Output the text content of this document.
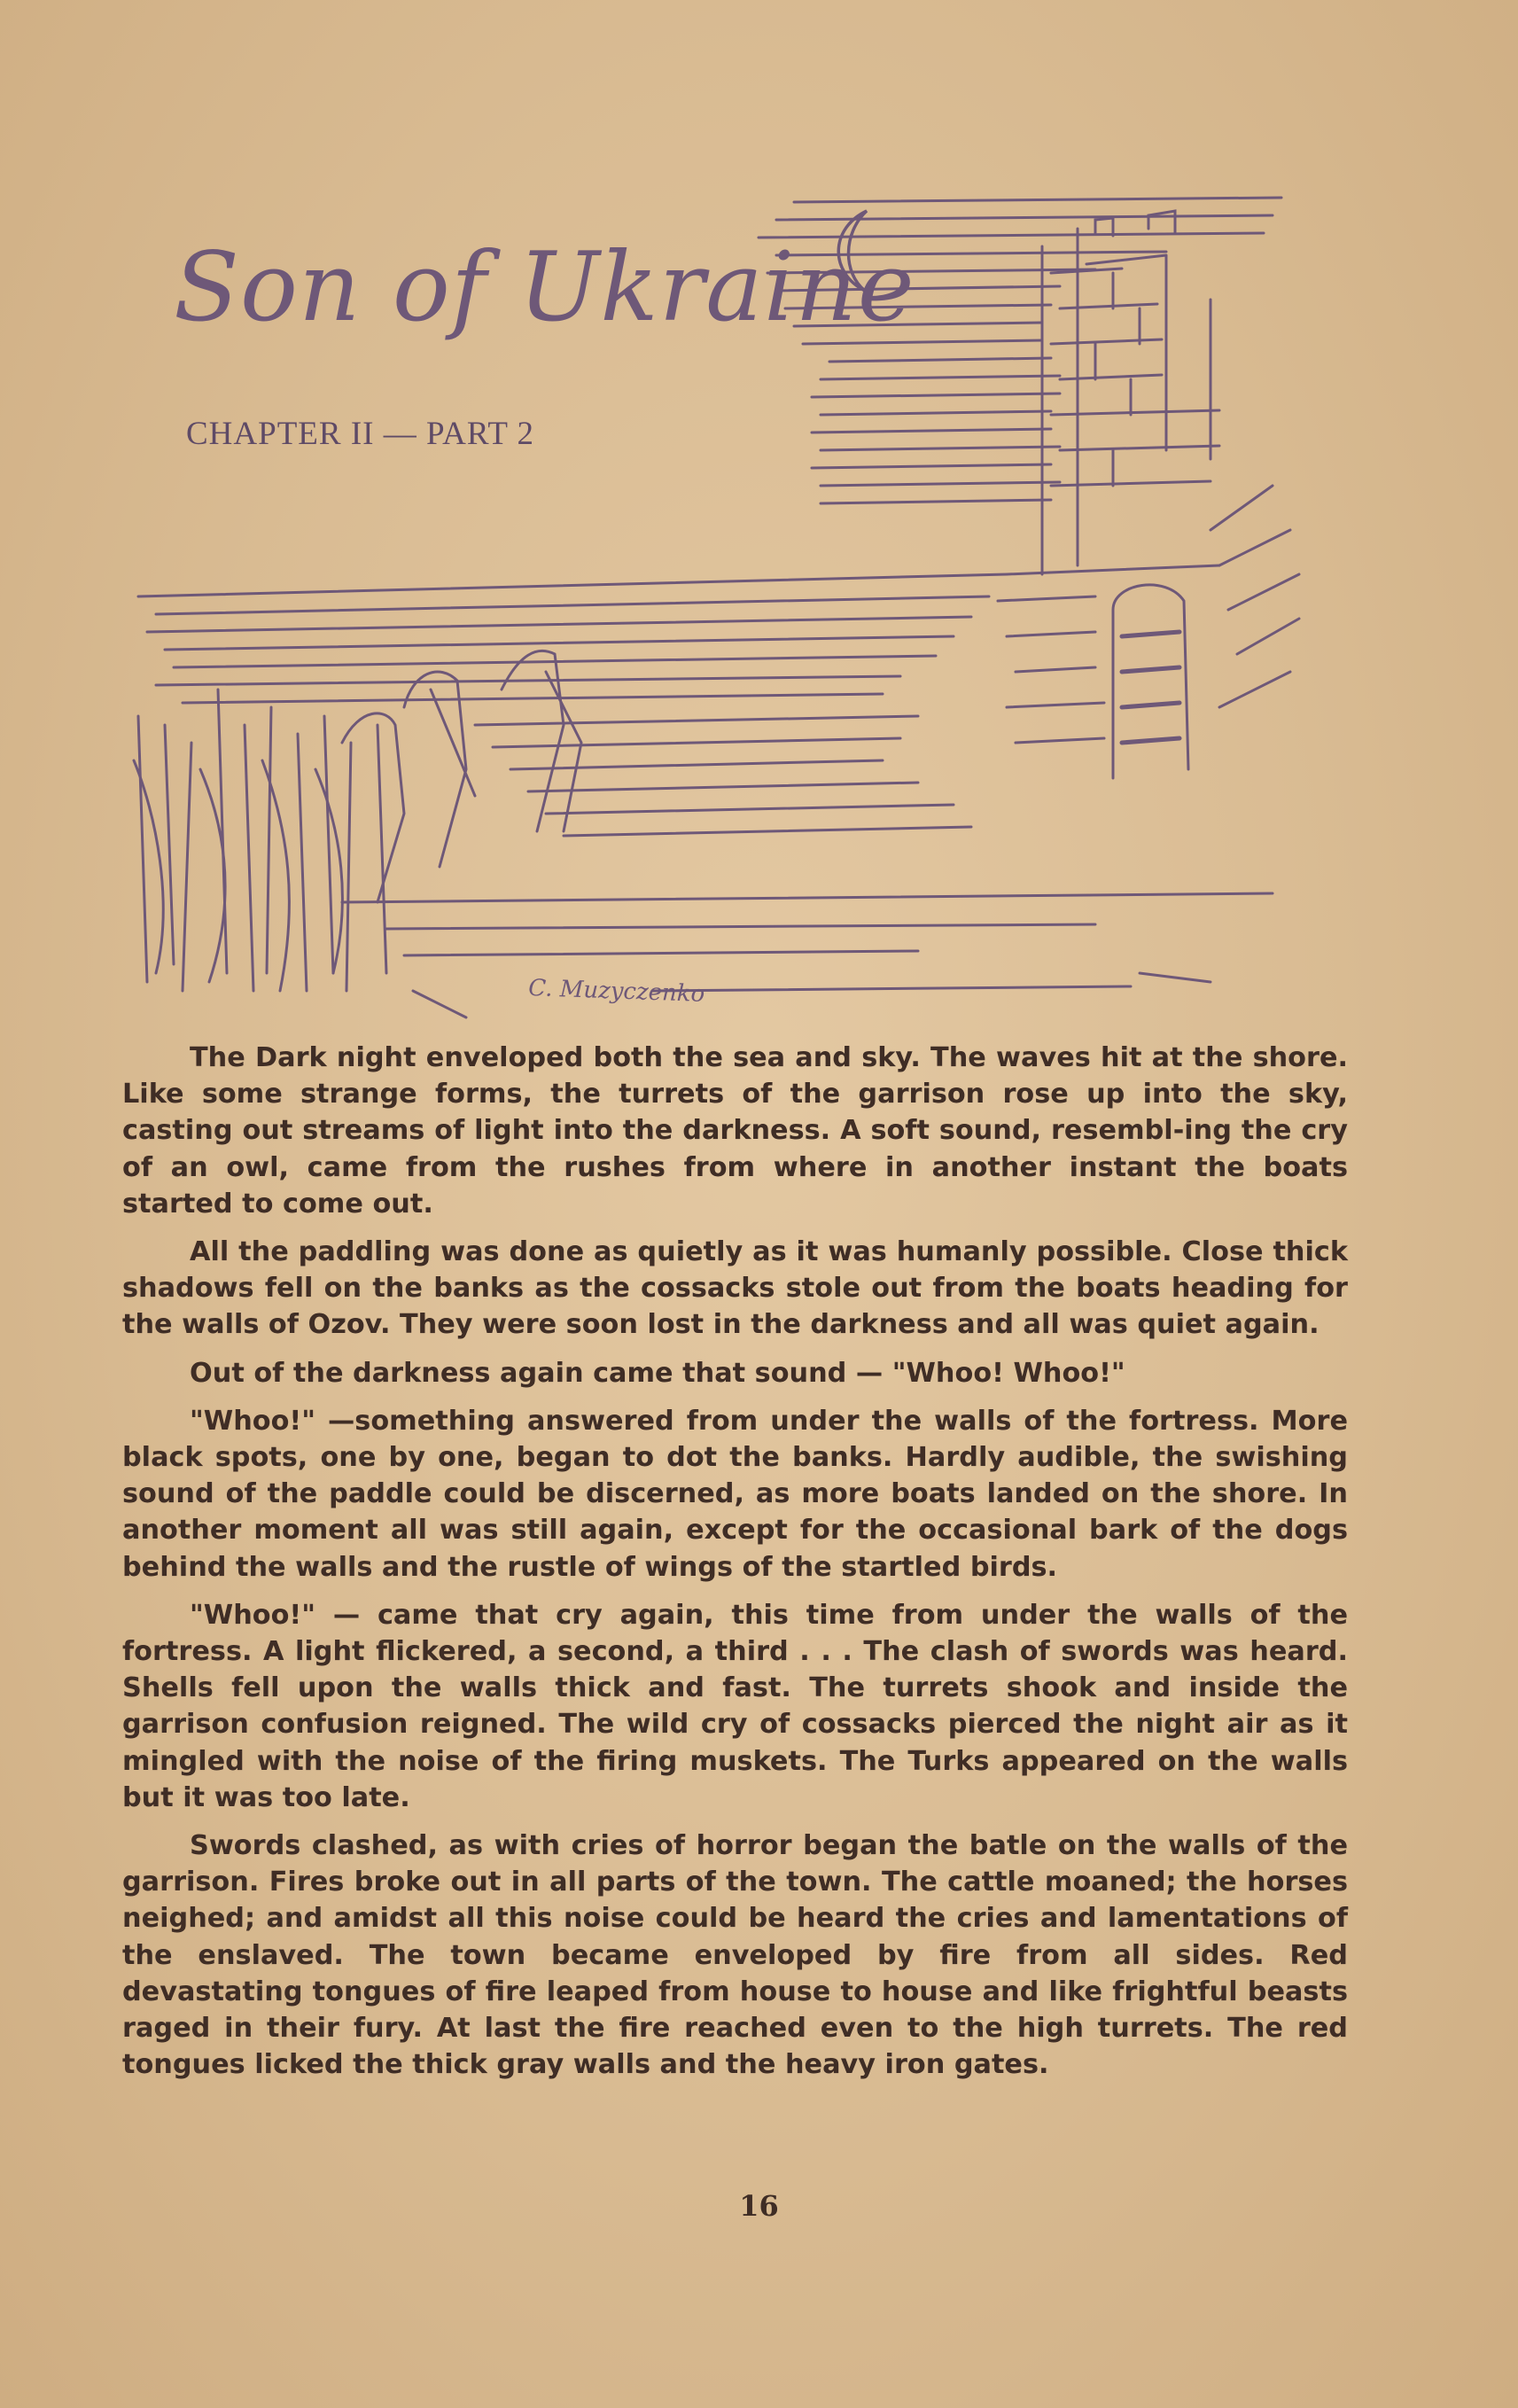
C. Muzyczenko
Son of Ukraine
CHAPTER II — PART 2

The Dark night enveloped both the sea and sky. The waves hit at the shore. Like some strange forms, the turrets of the garrison rose up into the sky, casting out streams of light into the darkness. A soft sound, resembl-ing the cry of an owl, came from the rushes from where in another instant the boats started to come out.

All the paddling was done as quietly as it was humanly possible. Close thick shadows fell on the banks as the cossacks stole out from the boats heading for the walls of Ozov. They were soon lost in the darkness and all was quiet again.

Out of the darkness again came that sound — "Whoo! Whoo!"

"Whoo!" —something answered from under the walls of the fortress. More black spots, one by one, began to dot the banks. Hardly audible, the swishing sound of the paddle could be discerned, as more boats landed on the shore. In another moment all was still again, except for the occasional bark of the dogs behind the walls and the rustle of wings of the startled birds.

"Whoo!" — came that cry again, this time from under the walls of the fortress. A light flickered, a second, a third . . . The clash of swords was heard. Shells fell upon the walls thick and fast. The turrets shook and inside the garrison confusion reigned. The wild cry of cossacks pierced the night air as it mingled with the noise of the firing muskets. The Turks appeared on the walls but it was too late.

Swords clashed, as with cries of horror began the batle on the walls of the garrison. Fires broke out in all parts of the town. The cattle moaned; the horses neighed; and amidst all this noise could be heard the cries and lamentations of the enslaved. The town became enveloped by fire from all sides. Red devastating tongues of fire leaped from house to house and like frightful beasts raged in their fury. At last the fire reached even to the high turrets. The red tongues licked the thick gray walls and the heavy iron gates.

16
